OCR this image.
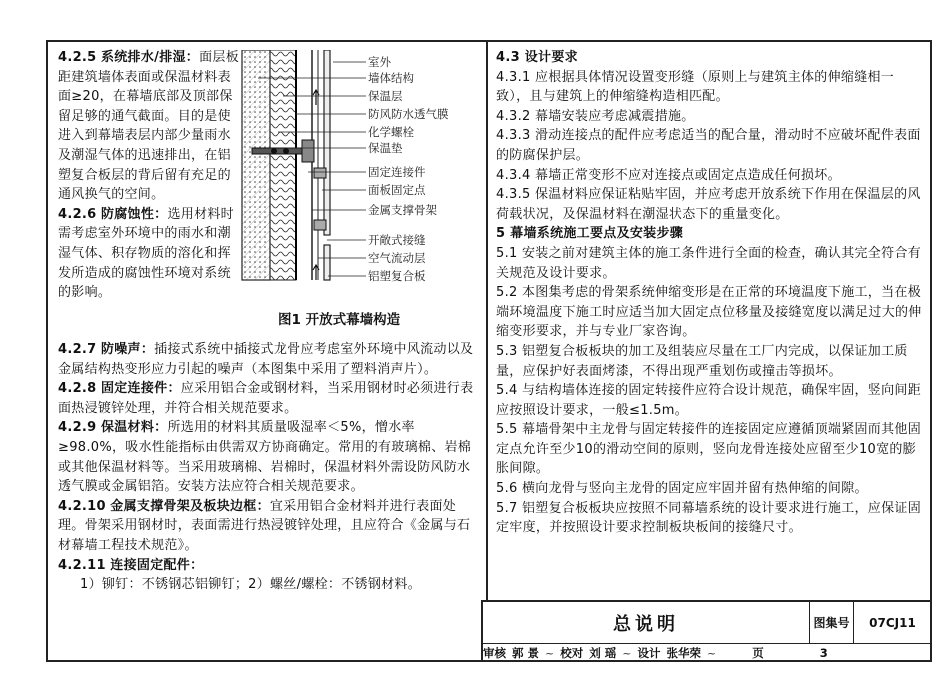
4.2.5 系统排水/排湿：面层板距建筑墙体表面或保温材料表面≥20，在幕墙底部及顶部保留足够的通气截面。目的是使进入到幕墙表层内部少量雨水及潮湿气体的迅速排出，在铝塑复合板层的背后留有充足的通风换气的空间。

4.2.6 防腐蚀性：选用材料时需考虑室外环境中的雨水和潮湿气体、积存物质的溶化和挥发所造成的腐蚀性环境对系统的影响。

室外
墙体结构
保温层
防风防水透气膜
化学螺栓
保温垫
固定连接件
面板固定点
金属支撑骨架
开敞式接缝
空气流动层
铝塑复合板
图1 开放式幕墙构造

4.2.7 防噪声：插接式系统中插接式龙骨应考虑室外环境中风流动以及金属结构热变形应力引起的噪声（本图集中采用了塑料消声片）。

4.2.8 固定连接件：应采用铝合金或钢材料，当采用钢材时必须进行表面热浸镀锌处理，并符合相关规范要求。

4.2.9 保温材料：所选用的材料其质量吸湿率＜5%，憎水率≥98.0%，吸水性能指标由供需双方协商确定。常用的有玻璃棉、岩棉或其他保温材料等。当采用玻璃棉、岩棉时，保温材料外需设防风防水透气膜或金属铝箔。安装方法应符合相关规范要求。

4.2.10 金属支撑骨架及板块边框：宜采用铝合金材料并进行表面处理。骨架采用钢材时，表面需进行热浸镀锌处理，且应符合《金属与石材幕墙工程技术规范》。

4.2.11 连接固定配件：

1）铆钉：不锈钢芯铝铆钉；2）螺丝/螺栓：不锈钢材料。

4.3 设计要求

4.3.1 应根据具体情况设置变形缝（原则上与建筑主体的伸缩缝相一致），且与建筑上的伸缩缝构造相匹配。

4.3.2 幕墙安装应考虑减震措施。

4.3.3 滑动连接点的配件应考虑适当的配合量，滑动时不应破坏配件表面的防腐保护层。

4.3.4 幕墙正常变形不应对连接点或固定点造成任何损坏。

4.3.5 保温材料应保证粘贴牢固，并应考虑开放系统下作用在保温层的风荷载状况，及保温材料在潮湿状态下的重量变化。

5 幕墙系统施工要点及安装步骤

5.1 安装之前对建筑主体的施工条件进行全面的检查，确认其完全符合有关规范及设计要求。

5.2 本图集考虑的骨架系统伸缩变形是在正常的环境温度下施工，当在极端环境温度下施工时应适当加大固定点位移量及接缝宽度以满足过大的伸缩变形要求，并与专业厂家咨询。

5.3 铝塑复合板板块的加工及组装应尽量在工厂内完成，以保证加工质量，应保护好表面烤漆，不得出现严重划伤或撞击等损坏。

5.4 与结构墙体连接的固定转接件应符合设计规范，确保牢固，竖向间距应按照设计要求，一般≤1.5m。

5.5 幕墙骨架中主龙骨与固定转接件的连接固定应遵循顶端紧固而其他固定点允许至少10的滑动空间的原则，竖向龙骨连接处应留至少10宽的膨胀间隙。

5.6 横向龙骨与竖向主龙骨的固定应牢固并留有热伸缩的间隙。

5.7 铝塑复合板板块应按照不同幕墙系统的设计要求进行施工，应保证固定牢度，并按照设计要求控制板块板间的接缝尺寸。

总说明	图集号	07CJ11
审核 郭 景 ~ 校对 刘 瑶 ~ 设计 张华荣 ~	页	3
